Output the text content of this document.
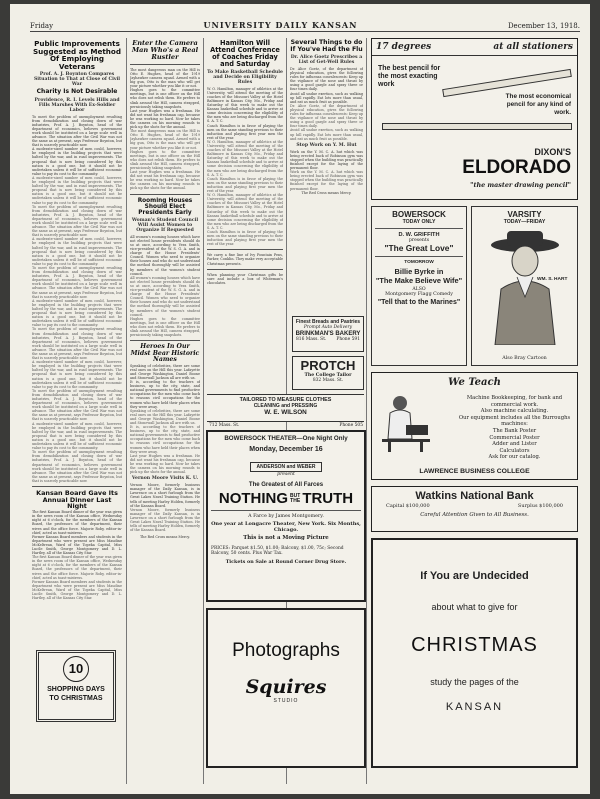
Friday	UNIVERSITY DAILY KANSAN	December 13, 1918.
Public Improvements Suggested as Method Of Employing Veterans
Prof. A. J. Boynton Compares Situation to That at Close of Civil War
Charity Is Not Desirable
Providence, R. I. Levels Hills and Fills Marshes With Ex-Soldier Labor

To meet the problem of unemployment resulting from demobilization and closing down of war industries, Prof. A. J. Boynton, head of the department of economics, believes government work should be instituted on a large scale well in advance. The situation after the Civil War was not the same as at present, says Professor Boynton, but that is scarcely practicable now.

A moderate-sized number of men could, however, be employed in the building projects that were halted by the war, and in road improvements. The proposal that is now being considered by this nation is a good one, but it should not be undertaken unless it will be of sufficient economic value to pay its cost to the community.

A moderate-sized number of men could, however, be employed in the building projects that were halted by the war, and in road improvements. The proposal that is now being considered by this nation is a good one, but it should not be undertaken unless it will be of sufficient economic value to pay its cost to the community.

To meet the problem of unemployment resulting from demobilization and closing down of war industries, Prof. A. J. Boynton, head of the department of economics, believes government work should be instituted on a large scale well in advance. The situation after the Civil War was not the same as at present, says Professor Boynton, but that is scarcely practicable now.

A moderate-sized number of men could, however, be employed in the building projects that were halted by the war, and in road improvements. The proposal that is now being considered by this nation is a good one, but it should not be undertaken unless it will be of sufficient economic value to pay its cost to the community.

To meet the problem of unemployment resulting from demobilization and closing down of war industries, Prof. A. J. Boynton, head of the department of economics, believes government work should be instituted on a large scale well in advance. The situation after the Civil War was not the same as at present, says Professor Boynton, but that is scarcely practicable now.

A moderate-sized number of men could, however, be employed in the building projects that were halted by the war, and in road improvements. The proposal that is now being considered by this nation is a good one, but it should not be undertaken unless it will be of sufficient economic value to pay its cost to the community.

To meet the problem of unemployment resulting from demobilization and closing down of war industries, Prof. A. J. Boynton, head of the department of economics, believes government work should be instituted on a large scale well in advance. The situation after the Civil War was not the same as at present, says Professor Boynton, but that is scarcely practicable now.

A moderate-sized number of men could, however, be employed in the building projects that were halted by the war, and in road improvements. The proposal that is now being considered by this nation is a good one, but it should not be undertaken unless it will be of sufficient economic value to pay its cost to the community.

To meet the problem of unemployment resulting from demobilization and closing down of war industries, Prof. A. J. Boynton, head of the department of economics, believes government work should be instituted on a large scale well in advance. The situation after the Civil War was not the same as at present, says Professor Boynton, but that is scarcely practicable now.

A moderate-sized number of men could, however, be employed in the building projects that were halted by the war, and in road improvements. The proposal that is now being considered by this nation is a good one, but it should not be undertaken unless it will be of sufficient economic value to pay its cost to the community.

To meet the problem of unemployment resulting from demobilization and closing down of war industries, Prof. A. J. Boynton, head of the department of economics, believes government work should be instituted on a large scale well in advance. The situation after the Civil War was not the same as at present, says Professor Boynton, but that is scarcely practicable now.

Kansan Board Gave Its Annual Dinner Last Night

The first Kansan Board dinner of the year was given in the news room of the Kansan office, Wednesday night at 6 o'clock, for the members of the Kansan Board, the professors of the department, their wives and the office force. Majorie Roby, editor-in-chief, acted as toast-mistress.

Former Kansan Board members and students in the department who were present are Miss Maudine McKeltrean, Ward of the Topeka Capital, Miss Lucile Smith, George Montgomery and D. L. Hartley, all of the Kansas City Star.

The first Kansan Board dinner of the year was given in the news room of the Kansan office, Wednesday night at 6 o'clock, for the members of the Kansan Board, the professors of the department, their wives and the office force. Majorie Roby, editor-in-chief, acted as toast-mistress.

Former Kansan Board members and students in the department who were present are Miss Maudine McKeltrean, Ward of the Topeka Capital, Miss Lucile Smith, George Montgomery and D. L. Hartley, all of the Kansas City Star.

10
SHOPPING DAYS
TO CHRISTMAS
Enter the Camera Man Who's a Real Rustler

The most dangerous man on the Hill is Otto E. Hughes, head of the 1919 Jayhawker camera squad. Armed with a big gun, Otto is the man who will get your picture whether you like it or not.

Hughes goes to the committee meetings, but is one officer on the Hill who does not relish them. He prefers to slink around the Hill, camera strapped, perniciously taking snapshots.

Last year Hughes was a freshman. He did not want his freshman cap, because he was working so hard. Now he takes the camera on his morning rounds to pick up the shots for the annual.

The most dangerous man on the Hill is Otto E. Hughes, head of the 1919 Jayhawker camera squad. Armed with a big gun, Otto is the man who will get your picture whether you like it or not.

Hughes goes to the committee meetings, but is one officer on the Hill who does not relish them. He prefers to slink around the Hill, camera strapped, perniciously taking snapshots.

Last year Hughes was a freshman. He did not want his freshman cap, because he was working so hard. Now he takes the camera on his morning rounds to pick up the shots for the annual.

Rooming Houses Should Elect Presidents Early
Woman's Student Council Will Assist Women to Organize If Requested

All women's rooming houses which have not elected house presidents should do so at once, according to Vera Smith, vice-president of the W. S. G. A. and in charge of the House Presidents' Council. Women who need to organize their houses and who do not understand the method thoroughly will be assisted by members of the women's student council.

All women's rooming houses which have not elected house presidents should do so at once, according to Vera Smith, vice-president of the W. S. G. A. and in charge of the House Presidents' Council. Women who need to organize their houses and who do not understand the method thoroughly will be assisted by members of the women's student council.

Hughes goes to the committee meetings, but is one officer on the Hill who does not relish them. He prefers to slink around the Hill, camera strapped, perniciously taking snapshots.

Heroes In Our Midst Bear Historic Names

Speaking of celebrities, there are some real ones on the Hill this year. Lafayette and George Washington, Daniel Boone and Stonewall Jackson all are with us.

It is, according to the teachers of business, up to the city, state, and national governments to find productive occupations for the men who come back to reasons civil occupations for the women who have held their places when they were away.

Speaking of celebrities, there are some real ones on the Hill this year. Lafayette and George Washington, Daniel Boone and Stonewall Jackson all are with us.

It is, according to the teachers of business, up to the city, state, and national governments to find productive occupations for the men who come back to reasons civil occupations for the women who have held their places when they were away.

Last year Hughes was a freshman. He did not want his freshman cap, because he was working so hard. Now he takes the camera on his morning rounds to pick up the shots for the annual.

Vernon Moore Visits K. U.

Vernon Moore, formerly business manager of the Daily Kansan, is in Lawrence on a short furlough from the Great Lakes Naval Training Station. He tells of meeting Harley Holden, formerly of the Kansan Board.

Vernon Moore, formerly business manager of the Daily Kansan, is in Lawrence on a short furlough from the Great Lakes Naval Training Station. He tells of meeting Harley Holden, formerly of the Kansan Board.

The Red Cross means Mercy.

Hamilton Will Attend Conference of Coaches Friday and Saturday
To Make Basketball Schedule and Decide on Eligibility Rules

W. O. Hamilton, manager of athletics at the University, will attend the meeting of the coaches of the Missouri Valley at the Hotel Baltimore in Kansas City, Mo., Friday and Saturday of this week to make out the Kansas basketball schedule and to arrive at some decision concerning the eligibility of the men who are being discharged from the S. A. T. C.

Coach Hamilton is in favor of playing the men on the same standing previous to their induction and playing first year men the rest of the year.

W. O. Hamilton, manager of athletics at the University, will attend the meeting of the coaches of the Missouri Valley at the Hotel Baltimore in Kansas City, Mo., Friday and Saturday of this week to make out the Kansas basketball schedule and to arrive at some decision concerning the eligibility of the men who are being discharged from the S. A. T. C.

Coach Hamilton is in favor of playing the men on the same standing previous to their induction and playing first year men the rest of the year.

W. O. Hamilton, manager of athletics at the University, will attend the meeting of the coaches of the Missouri Valley at the Hotel Baltimore in Kansas City, Mo., Friday and Saturday of this week to make out the Kansas basketball schedule and to arrive at some decision concerning the eligibility of the men who are being discharged from the S. A. T. C.

Coach Hamilton is in favor of playing the men on the same standing previous to their induction and playing first year men the rest of the year.

We carry a fine line of Ivy Fountain Pens, Parker, Conklin. They make very acceptable Christmas presents.

When planning your Christmas gifts be sure and include a box of Whiteman's chocolates.

Several Things to do If You've Had the Flu
Dr. Alice Goetz Prescribes a List of Get-Well Rules

Dr. Alice Goetz, of the department of physical education, gives the following rules for influenza convalescents: Keep up the vigilance of the nose and throat by using a good gargle and spray three or four times daily.

Avoid all undue exertion, such as walking up hill rapidly. Eat lots more than usual, and eat as much fruit as possible.

Dr. Alice Goetz, of the department of physical education, gives the following rules for influenza convalescents: Keep up the vigilance of the nose and throat by using a good gargle and spray three or four times daily.

Avoid all undue exertion, such as walking up hill rapidly. Eat lots more than usual, and eat as much fruit as possible.

Stop Work on Y. M. Hut

Work on the Y. M. C. A. hut which was being erected back of Robinson gym was stopped when the building was practically finished except for the laying of the permanent floor.

Work on the Y. M. C. A. hut which was being erected back of Robinson gym was stopped when the building was practically finished except for the laying of the permanent floor.

The Red Cross means Mercy.

Finest Breads and Pastries
Prompt Auto Delivery
BRINKMAN'S BAKERY
816 Mass. St. Phone 591
PROTCH
The College Tailor
832 Mass. St.
TAILORED TO MEASURE CLOTHES
CLEANING and PRESSING
W. E. WILSON
712 Mass. St.	Phone 505
BOWERSOCK THEATER—One Night Only
Monday, December 16
ANDERSON and WEBER
present
The Greatest of All Farces
NOTHING BUT
THE TRUTH
A Farce by James Montgomery.
One year at Longacre Theater, New York. Six Months, Chicago.
This is not a Moving Picture
PRICES: Parquet $1.50, $1.00; Balcony, $1.00, 75c; Second Balcony, 50 cents. Plus War Tax.
Tickets on Sale at Round Corner Drug Store.
Photographs
Squires
STUDIO
17 degrees	at all stationers
The best pencil for the most exacting work
The most economical pencil for any kind of work.
DIXON'S
ELDORADO
"the master drawing pencil"
BOWERSOCK
TODAY ONLY
D. W. GRIFFITH
presents
"The Great Love"
TOMORROW
Billie Byrke in
"The Make Believe Wife"
ALSO
Montgomery Flagg Comedy
"Tell that to the Marines"
VARSITY
TODAY—FRIDAY
WM. S. HART
Also Bray Cartoon
We Teach
Machine Bookkeeping, for bank and commercial work.
Also machine calculating.
Our equipment includes all the Burroughs machines:
The Bank Poster
Commercial Poster
Adder and Lister
Calculators
Ask for our catalog.
LAWRENCE BUSINESS COLLEGE
Watkins National Bank
Capital $100,000	Surplus $100,000
Careful Attention Given to All Business.
If You are Undecided
about what to give for
CHRISTMAS
study the pages of the
KANSAN
